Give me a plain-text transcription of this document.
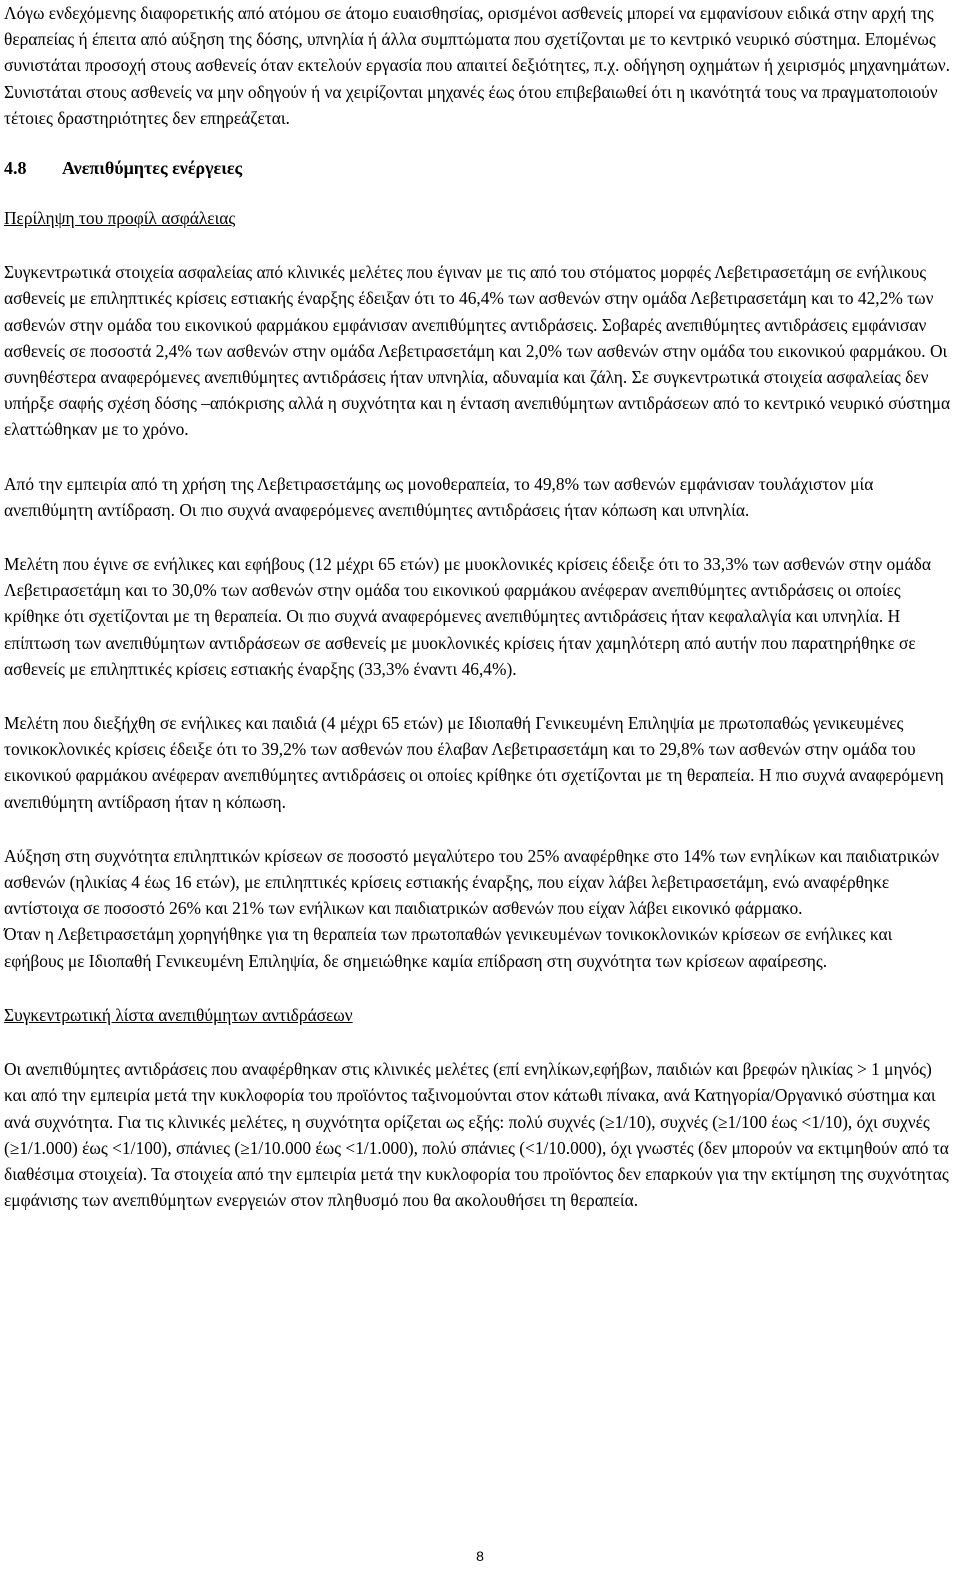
Λόγω ενδεχόμενης διαφορετικής από ατόμου σε άτομο ευαισθησίας, ορισμένοι ασθενείς μπορεί να εμφανίσουν ειδικά στην αρχή της θεραπείας ή έπειτα από αύξηση της δόσης, υπνηλία ή άλλα συμπτώματα που σχετίζονται με το κεντρικό νευρικό σύστημα. Επομένως συνιστάται προσοχή στους ασθενείς όταν εκτελούν εργασία που απαιτεί δεξιότητες, π.χ. οδήγηση οχημάτων ή χειρισμός μηχανημάτων. Συνιστάται στους ασθενείς να μην οδηγούν ή να χειρίζονται μηχανές έως ότου επιβεβαιωθεί ότι η ικανότητά τους να πραγματοποιούν τέτοιες δραστηριότητες δεν επηρεάζεται.

4.8 Ανεπιθύμητες ενέργειες

Περίληψη του προφίλ ασφάλειας

Συγκεντρωτικά στοιχεία ασφαλείας από κλινικές μελέτες που έγιναν με τις από του στόματος μορφές Λεβετιρασετάμη σε ενήλικους ασθενείς με επιληπτικές κρίσεις εστιακής έναρξης έδειξαν ότι το 46,4% των ασθενών στην ομάδα Λεβετιρασετάμη και το 42,2% των ασθενών στην ομάδα του εικονικού φαρμάκου εμφάνισαν ανεπιθύμητες αντιδράσεις. Σοβαρές ανεπιθύμητες αντιδράσεις εμφάνισαν ασθενείς σε ποσοστά 2,4% των ασθενών στην ομάδα Λεβετιρασετάμη και 2,0% των ασθενών στην ομάδα του εικονικού φαρμάκου. Οι συνηθέστερα αναφερόμενες ανεπιθύμητες αντιδράσεις ήταν υπνηλία, αδυναμία και ζάλη. Σε συγκεντρωτικά στοιχεία ασφαλείας δεν υπήρξε σαφής σχέση δόσης –απόκρισης αλλά η συχνότητα και η ένταση ανεπιθύμητων αντιδράσεων από το κεντρικό νευρικό σύστημα ελαττώθηκαν με το χρόνο.

Από την εμπειρία από τη χρήση της Λεβετιρασετάμης ως μονοθεραπεία, το 49,8% των ασθενών εμφάνισαν τουλάχιστον μία ανεπιθύμητη αντίδραση. Οι πιο συχνά αναφερόμενες ανεπιθύμητες αντιδράσεις ήταν κόπωση και υπνηλία.

Μελέτη που έγινε σε ενήλικες και εφήβους (12 μέχρι 65 ετών) με μυοκλονικές κρίσεις έδειξε ότι το 33,3% των ασθενών στην ομάδα Λεβετιρασετάμη και το 30,0% των ασθενών στην ομάδα του εικονικού φαρμάκου ανέφεραν ανεπιθύμητες αντιδράσεις οι οποίες κρίθηκε ότι σχετίζονται με τη θεραπεία. Οι πιο συχνά αναφερόμενες ανεπιθύμητες αντιδράσεις ήταν κεφαλαλγία και υπνηλία. Η επίπτωση των ανεπιθύμητων αντιδράσεων σε ασθενείς με μυοκλονικές κρίσεις ήταν χαμηλότερη από αυτήν που παρατηρήθηκε σε ασθενείς με επιληπτικές κρίσεις εστιακής έναρξης (33,3% έναντι 46,4%).

Μελέτη που διεξήχθη σε ενήλικες και παιδιά (4 μέχρι 65 ετών) με Ιδιοπαθή Γενικευμένη Επιληψία με πρωτοπαθώς γενικευμένες τονικοκλονικές κρίσεις έδειξε ότι το 39,2% των ασθενών που έλαβαν Λεβετιρασετάμη και το 29,8% των ασθενών στην ομάδα του εικονικού φαρμάκου ανέφεραν ανεπιθύμητες αντιδράσεις οι οποίες κρίθηκε ότι σχετίζονται με τη θεραπεία. Η πιο συχνά αναφερόμενη ανεπιθύμητη αντίδραση ήταν η κόπωση.

Αύξηση στη συχνότητα επιληπτικών κρίσεων σε ποσοστό μεγαλύτερο του 25% αναφέρθηκε στο 14% των ενηλίκων και παιδιατρικών ασθενών (ηλικίας 4 έως 16 ετών), με επιληπτικές κρίσεις εστιακής έναρξης, που είχαν λάβει λεβετιρασετάμη, ενώ αναφέρθηκε αντίστοιχα σε ποσοστό 26% και 21% των ενήλικων και παιδιατρικών ασθενών που είχαν λάβει εικονικό φάρμακο.

Όταν η Λεβετιρασετάμη χορηγήθηκε για τη θεραπεία των πρωτοπαθών γενικευμένων τονικοκλονικών κρίσεων σε ενήλικες και εφήβους με Ιδιοπαθή Γενικευμένη Επιληψία, δε σημειώθηκε καμία επίδραση στη συχνότητα των κρίσεων αφαίρεσης.

Συγκεντρωτική λίστα ανεπιθύμητων αντιδράσεων

Οι ανεπιθύμητες αντιδράσεις που αναφέρθηκαν στις κλινικές μελέτες (επί ενηλίκων,εφήβων, παιδιών και βρεφών ηλικίας > 1 μηνός) και από την εμπειρία μετά την κυκλοφορία του προϊόντος ταξινομούνται στον κάτωθι πίνακα, ανά Κατηγορία/Οργανικό σύστημα και ανά συχνότητα. Για τις κλινικές μελέτες, η συχνότητα ορίζεται ως εξής: πολύ συχνές (≥1/10), συχνές (≥1/100 έως <1/10), όχι συχνές (≥1/1.000) έως <1/100), σπάνιες (≥1/10.000 έως <1/1.000), πολύ σπάνιες (<1/10.000), όχι γνωστές (δεν μπορούν να εκτιμηθούν από τα διαθέσιμα στοιχεία). Τα στοιχεία από την εμπειρία μετά την κυκλοφορία του προϊόντος δεν επαρκούν για την εκτίμηση της συχνότητας εμφάνισης των ανεπιθύμητων ενεργειών στον πληθυσμό που θα ακολουθήσει τη θεραπεία.

8
